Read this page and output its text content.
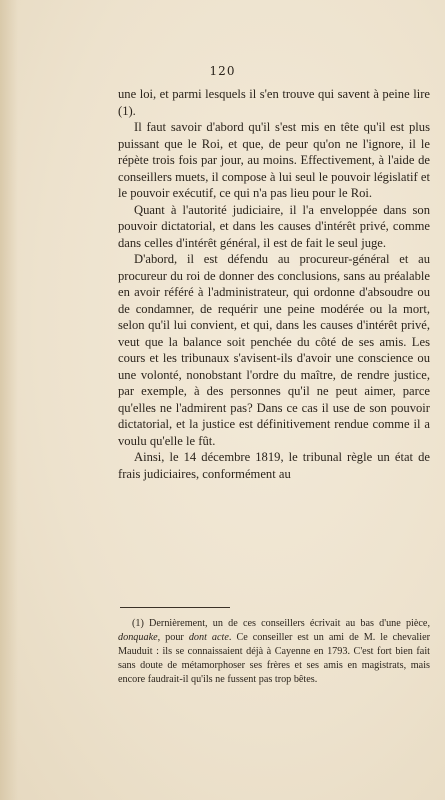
120

une loi, et parmi lesquels il s'en trouve qui savent à peine lire (1).

Il faut savoir d'abord qu'il s'est mis en tête qu'il est plus puissant que le Roi, et que, de peur qu'on ne l'ignore, il le répète trois fois par jour, au moins. Effectivement, à l'aide de conseillers muets, il compose à lui seul le pouvoir législatif et le pouvoir exécutif, ce qui n'a pas lieu pour le Roi.

Quant à l'autorité judiciaire, il l'a enveloppée dans son pouvoir dictatorial, et dans les causes d'intérêt privé, comme dans celles d'intérêt général, il est de fait le seul juge.

D'abord, il est défendu au procureur-général et au procureur du roi de donner des conclusions, sans au préalable en avoir référé à l'administrateur, qui ordonne d'absoudre ou de condamner, de requérir une peine modérée ou la mort, selon qu'il lui convient, et qui, dans les causes d'intérêt privé, veut que la balance soit penchée du côté de ses amis. Les cours et les tribunaux s'avisent-ils d'avoir une conscience ou une volonté, nonobstant l'ordre du maître, de rendre justice, par exemple, à des personnes qu'il ne peut aimer, parce qu'elles ne l'admirent pas? Dans ce cas il use de son pouvoir dictatorial, et la justice est définitivement rendue comme il a voulu qu'elle le fût.

Ainsi, le 14 décembre 1819, le tribunal règle un état de frais judiciaires, conformément au

(1) Dernièrement, un de ces conseillers écrivait au bas d'une pièce, donquake, pour dont acte. Ce conseiller est un ami de M. le chevalier Mauduit : ils se connaissaient déjà à Cayenne en 1793. C'est fort bien fait sans doute de métamorphoser ses frères et ses amis en magistrats, mais encore faudrait-il qu'ils ne fussent pas trop bêtes.
